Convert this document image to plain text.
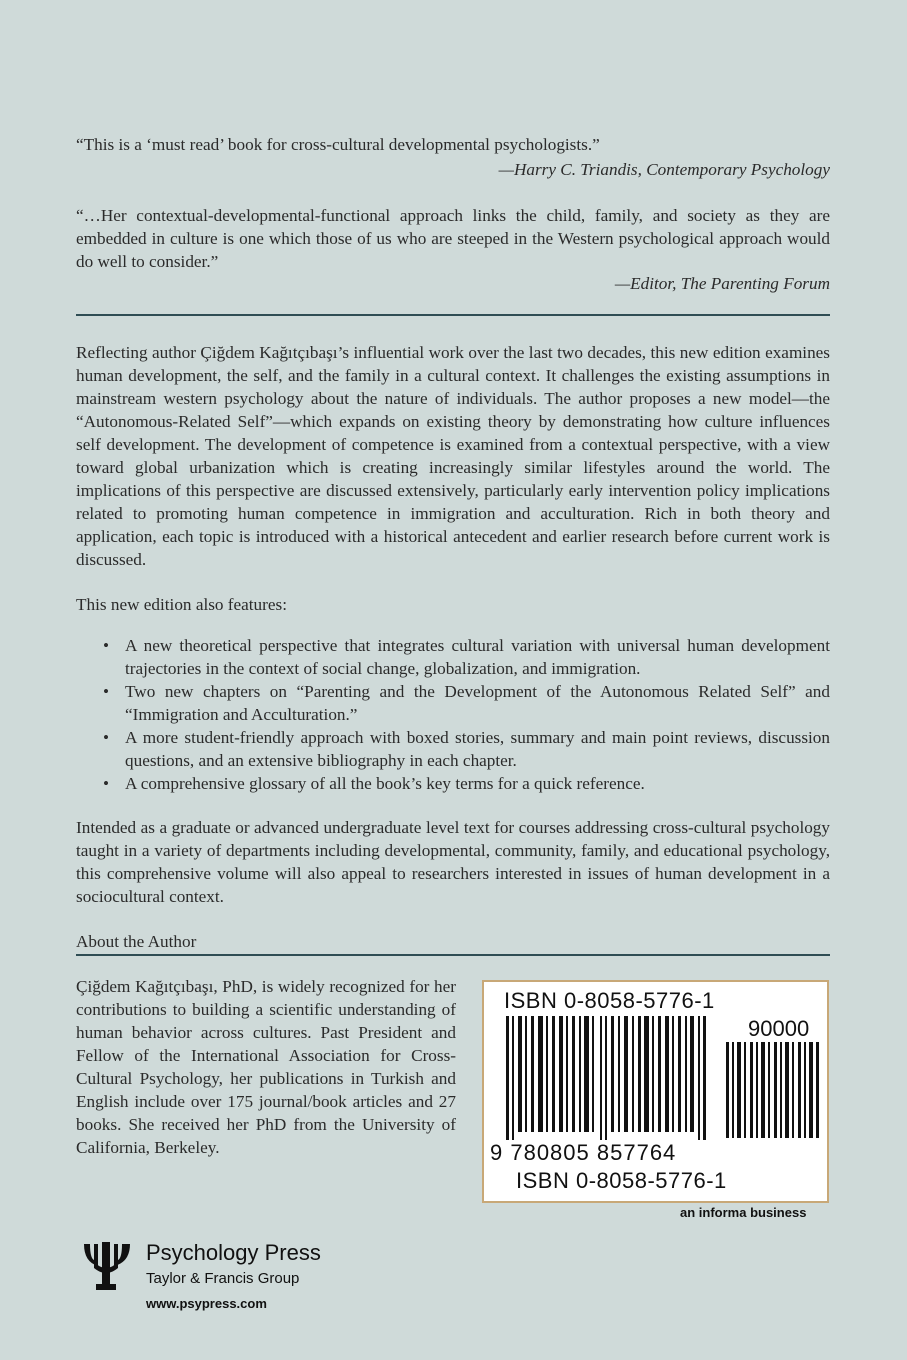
“This is a ‘must read’ book for cross-cultural developmental psychologists.”
—Harry C. Triandis, Contemporary Psychology
“…Her contextual-developmental-functional approach links the child, family, and society as they are embedded in culture is one which those of us who are steeped in the Western psychological approach would do well to consider.”
—Editor, The Parenting Forum
Reflecting author Çiğdem Kağıtçıbaşı’s influential work over the last two decades, this new edition examines human development, the self, and the family in a cultural context. It challenges the existing assumptions in mainstream western psychology about the nature of individuals. The author proposes a new model—the “Autonomous-Related Self”—which expands on existing theory by demonstrating how culture influences self development. The development of competence is examined from a contextual perspective, with a view toward global urbanization which is creating increasingly similar lifestyles around the world. The implications of this perspective are discussed extensively, particularly early intervention policy implications related to promoting human competence in immigration and acculturation. Rich in both theory and application, each topic is introduced with a historical antecedent and earlier research before current work is discussed.
This new edition also features:
• A new theoretical perspective that integrates cultural variation with universal human development trajectories in the context of social change, globalization, and immigration.
• Two new chapters on “Parenting and the Development of the Autonomous Related Self” and “Immigration and Acculturation.”
• A more student-friendly approach with boxed stories, summary and main point reviews, discussion questions, and an extensive bibliography in each chapter.
• A comprehensive glossary of all the book’s key terms for a quick reference.
Intended as a graduate or advanced undergraduate level text for courses addressing cross-cultural psychology taught in a variety of departments including developmental, community, family, and educational psychology, this comprehensive volume will also appeal to researchers interested in issues of human development in a sociocultural context.
About the Author
Çiğdem Kağıtçıbaşı, PhD, is widely recognized for her contributions to building a scientific understanding of human behavior across cultures. Past President and Fellow of the International Association for Cross-Cultural Psychology, her publications in Turkish and English include over 175 journal/book articles and 27 books. She received her PhD from the University of California, Berkeley.
ISBN 0-8058-5776-1
90000
9 780805 857764
ISBN 0-8058-5776-1
an informa business
Psychology Press
Taylor & Francis Group
www.psypress.com
